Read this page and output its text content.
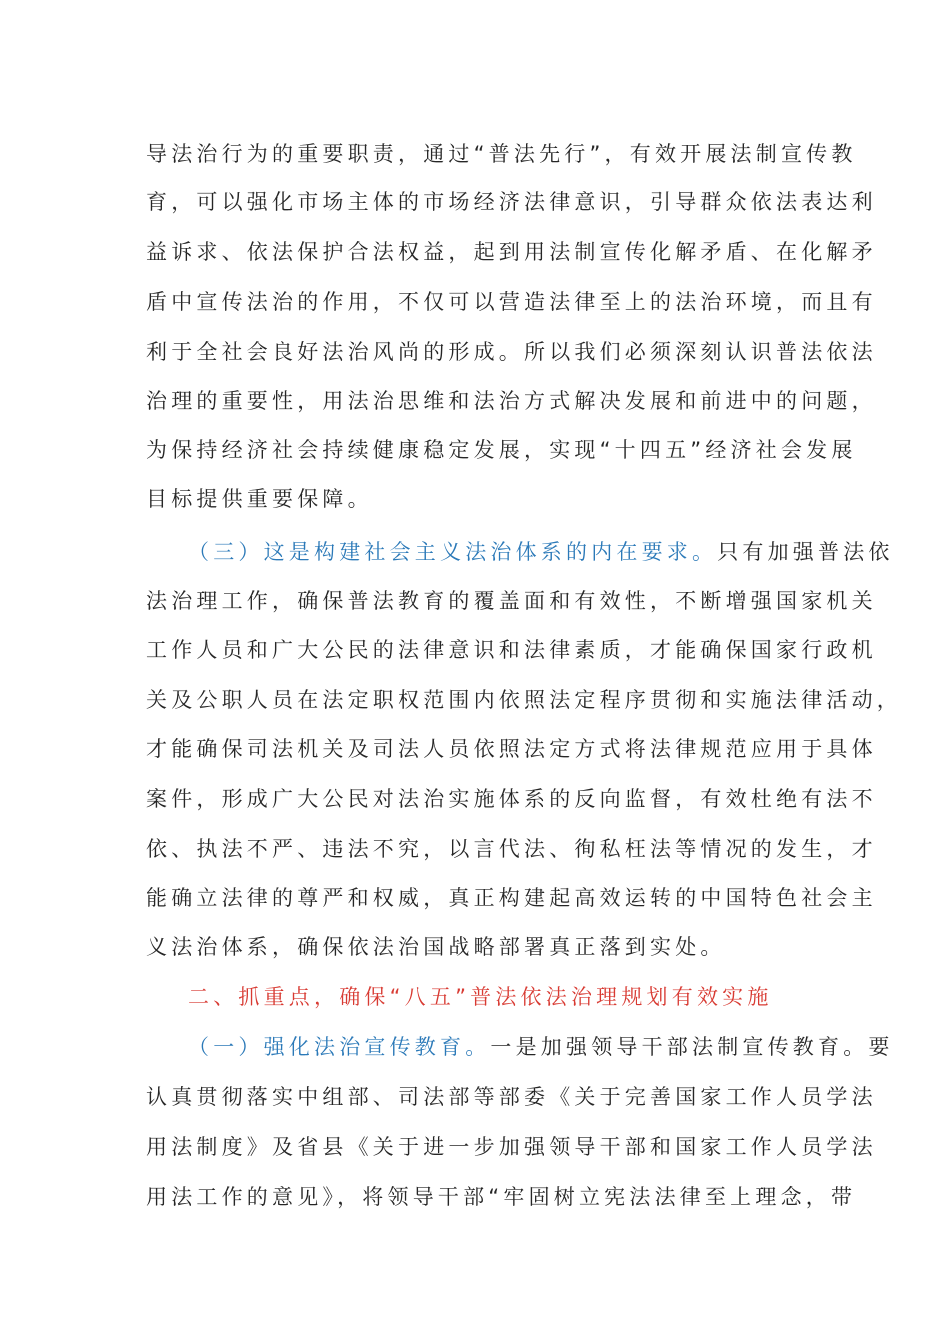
导法治行为的重要职责，通过“普法先行”，有效开展法制宣传教
育，可以强化市场主体的市场经济法律意识，引导群众依法表达利
益诉求、依法保护合法权益，起到用法制宣传化解矛盾、在化解矛
盾中宣传法治的作用，不仅可以营造法律至上的法治环境，而且有
利于全社会良好法治风尚的形成。所以我们必须深刻认识普法依法
治理的重要性，用法治思维和法治方式解决发展和前进中的问题，
为保持经济社会持续健康稳定发展，实现“十四五”经济社会发展
目标提供重要保障。
（三）这是构建社会主义法治体系的内在要求。只有加强普法依
法治理工作，确保普法教育的覆盖面和有效性，不断增强国家机关
工作人员和广大公民的法律意识和法律素质，才能确保国家行政机
关及公职人员在法定职权范围内依照法定程序贯彻和实施法律活动，
才能确保司法机关及司法人员依照法定方式将法律规范应用于具体
案件，形成广大公民对法治实施体系的反向监督，有效杜绝有法不
依、执法不严、违法不究，以言代法、徇私枉法等情况的发生，才
能确立法律的尊严和权威，真正构建起高效运转的中国特色社会主
义法治体系，确保依法治国战略部署真正落到实处。
二、抓重点，确保“八五”普法依法治理规划有效实施
（一）强化法治宣传教育。一是加强领导干部法制宣传教育。要
认真贯彻落实中组部、司法部等部委《关于完善国家工作人员学法
用法制度》及省县《关于进一步加强领导干部和国家工作人员学法
用法工作的意见》，将领导干部“牢固树立宪法法律至上理念，带
